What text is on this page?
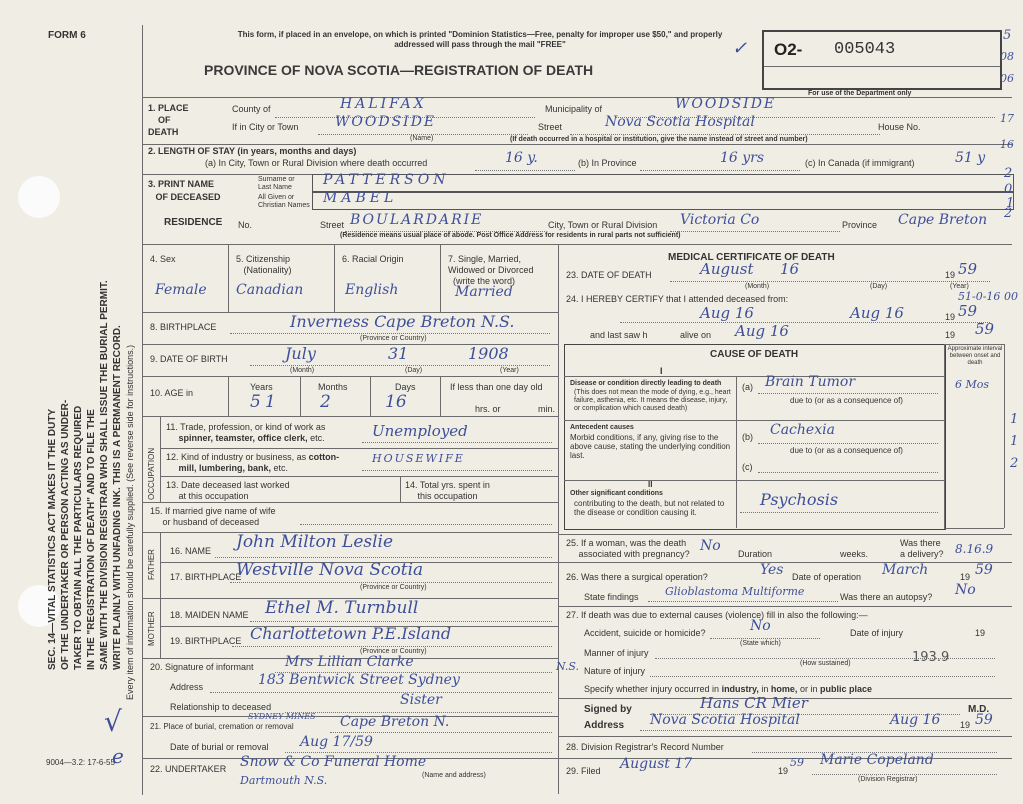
FORM 6
SEC. 14—VITAL STATISTICS ACT MAKES IT THE DUTY OF THE UNDERTAKER OR PERSON ACTING AS UNDER- TAKER TO OBTAIN ALL THE PARTICULARS REQUIRED IN THE "REGISTRATION OF DEATH" AND TO FILE THE SAME WITH THE DIVISION REGISTRAR WHO SHALL ISSUE THE BURIAL PERMIT. WRITE PLAINLY WITH UNFADING INK. THIS IS A PERMANENT RECORD. Every item of information should be carefully supplied. (See reverse side for instructions.)
9004—3.2: 17-6-55
This form, if placed in an envelope, on which is printed "Dominion Statistics—Free, penalty for improper use $50," and properly addressed will pass through the mail "FREE"
PROVINCE OF NOVA SCOTIA—REGISTRATION OF DEATH
O2- 005043
For use of the Department only
✓
1. PLACE
OF
DEATH
County of	HALIFAX	Municipality of	WOODSIDE
If in City or Town	WOODSIDE
(Name)
Street	Nova Scotia Hospital	House No.
(If death occurred in a hospital or institution, give the name instead of street and number)
2. LENGTH OF STAY (in years, months and days)
(a) In City, Town or Rural Division where death occurred	16 y.	(b) In Province	16 yrs	(c) In Canada (if immigrant)	51 y
3. PRINT NAME
OF DECEASED
Surname or
Last Name PATTERSON
All Given or
Christian Names MABEL
RESIDENCE No.	Street BOULARDARIE	City, Town or Rural Division Victoria Co	Province Cape Breton
(Residence means usual place of abode. Post Office Address for residents in rural parts not sufficient)
4. Sex
Female
5. Citizenship
(Nationality)
Canadian
6. Racial Origin
English
7. Single, Married,
Widowed or Divorced
(write the word)
Married
8. BIRTHPLACE	Inverness Cape Breton N.S.
(Province or Country)
9. DATE OF BIRTH	July	31	1908
(Month)	(Day)	(Year)
10. AGE in
Years
51
Months
2
Days
16
If less than one day old
hrs. or	min.
OCCUPATION
11. Trade, profession, or kind of work as
spinner, teamster, office clerk, etc.	Unemployed
12. Kind of industry or business, as cotton-
mill, lumbering, bank, etc.
HOUSEWIFE
13. Date deceased last worked
at this occupation
14. Total yrs. spent in
this occupation
15. If married give name of wife
or husband of deceased
FATHER 16. NAME John Milton Leslie
17. BIRTHPLACE
Westville Nova Scotia
(Province or Country)
MOTHER 18. MAIDEN NAME Ethel M. Turnbull
19. BIRTHPLACE Charlottetown P.E.Island
(Province or Country)
20. Signature of informant Mrs Lillian Clarke	N.S.
Address	183 Bentwick Street Sydney
Relationship to deceased	Sister
21. Place of burial, cremation or removal
SYDNEY MINES Cape Breton N.
Date of burial or removal Aug 17/59
22. UNDERTAKER Snow & Co Funeral Home
Dartmouth N.S.	(Name and address)
MEDICAL CERTIFICATE OF DEATH
23. DATE OF DEATH	August 16	19 59
(Month)	(Day)	(Year)
24. I HEREBY CERTIFY that I attended deceased from:	51-0-16
Aug 16	Aug 16	19 59
and last saw h	alive on Aug 16	19 59
CAUSE OF DEATH	Approximate interval between onset and death
I
Disease or condition directly leading to death
(This does not mean the mode of dying, e.g., heart failure, asthenia, etc. It means the disease, injury, or complication which caused death)
(a) Brain Tumor	6 Mos
due to (or as a consequence of)
Antecedent causes
Morbid conditions, if any, giving rise to the above cause, stating the underlying condition last.
(b) Cachexia
due to (or as a consequence of)
(c)
II
Other significant conditions
contributing to the death, but not related to the disease or condition causing it.
Psychosis
25. If a woman, was the death
associated with pregnancy? No Duration	weeks.
Was there
a delivery? 8.16.9
26. Was there a surgical operation?	Yes Date of operation March	19 59
State findings Glioblastoma Multiforme	Was there an autopsy? No
27. If death was due to external causes (violence) fill in also the following:—
Accident, suicide or homicide?	No
(State which)
Date of injury	19
Manner of injury
(How sustained)
Nature of injury
193.9
Specify whether injury occurred in industry, in home, or in public place
Signed by	Hans CR Mier	M.D.
Address Nova Scotia Hospital	Aug 16 19 59
28. Division Registrar's Record Number
29. Filed August 17	19
59 Marie Copeland
(Division Registrar)
5
08
06
17
16
2
0
1
2
00
1
1
2
√
e
